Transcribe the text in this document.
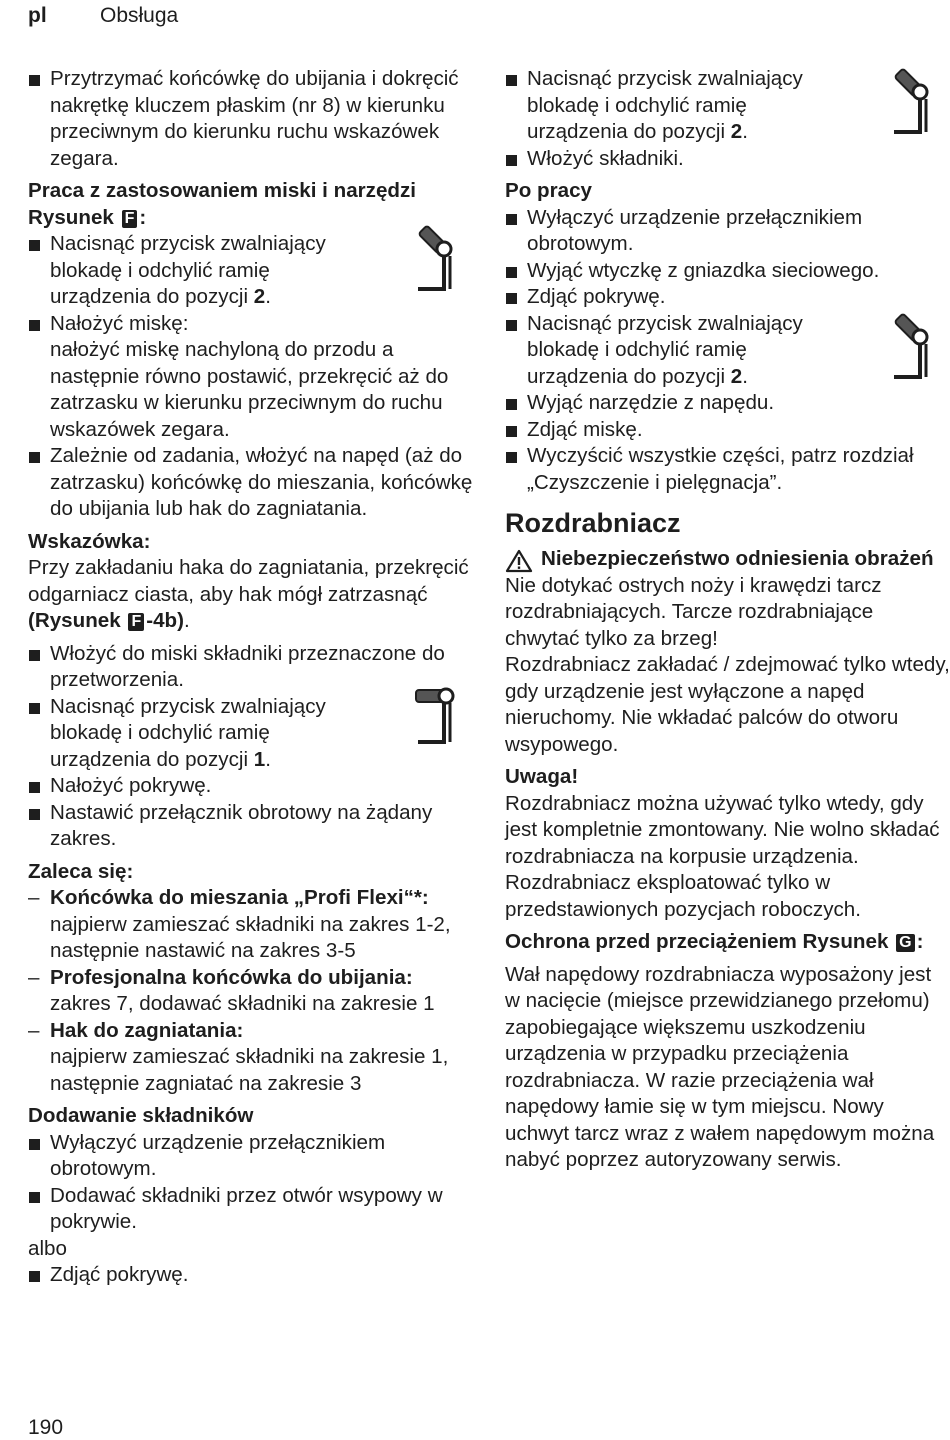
pl	Obsługa
Przytrzymać końcówkę do ubijania i dokręcić nakrętkę kluczem płaskim (nr 8) w kierunku przeciwnym do kierunku ruchu wskazówek zegara.
Praca z zastosowaniem miski i narzędzi Rysunek F :
Nacisnąć przycisk zwalniający blokadę i odchylić ramię urządzenia do pozycji 2.
Nałożyć miskę:
nałożyć miskę nachyloną do przodu a następnie równo postawić, przekręcić aż do zatrzasku w kierunku przeciwnym do ruchu wskazówek zegara.
Zależnie od zadania, włożyć na napęd (aż do zatrzasku) końcówkę do mieszania, końcówkę do ubijania lub hak do zagniatania.
Wskazówka:
Przy zakładaniu haka do zagniatania, przekręcić odgarniacz ciasta, aby hak mógł zatrzasnąć (Rysunek F -4b).
Włożyć do miski składniki przeznaczone do przetworzenia.
Nacisnąć przycisk zwalniający blokadę i odchylić ramię urządzenia do pozycji 1.
Nałożyć pokrywę.
Nastawić przełącznik obrotowy na żądany zakres.
Zaleca się:
– Końcówka do mieszania „Profi Flexi“*:
najpierw zamieszać składniki na zakres 1-2, następnie nastawić na zakres 3-5
– Profesjonalna końcówka do ubijania:
zakres 7, dodawać składniki na zakresie 1
– Hak do zagniatania:
najpierw zamieszać składniki na zakresie 1, następnie zagniatać na zakresie 3
Dodawanie składników
Wyłączyć urządzenie przełącznikiem obrotowym.
Dodawać składniki przez otwór wsypowy w pokrywie.
albo
Zdjąć pokrywę.
Nacisnąć przycisk zwalniający blokadę i odchylić ramię urządzenia do pozycji 2.
Włożyć składniki.
Po pracy
Wyłączyć urządzenie przełącznikiem obrotowym.
Wyjąć wtyczkę z gniazdka sieciowego.
Zdjąć pokrywę.
Nacisnąć przycisk zwalniający blokadę i odchylić ramię urządzenia do pozycji 2.
Wyjąć narzędzie z napędu.
Zdjąć miskę.
Wyczyścić wszystkie części, patrz rozdział „Czyszczenie i pielęgnacja”.
Rozdrabniacz
Niebezpieczeństwo odniesienia obrażeń
Nie dotykać ostrych noży i krawędzi tarcz rozdrabniających. Tarcze rozdrabniające chwytać tylko za brzeg!
Rozdrabniacz zakładać / zdejmować tylko wtedy, gdy urządzenie jest wyłączone a napęd nieruchomy. Nie wkładać palców do otworu wsypowego.
Uwaga!
Rozdrabniacz można używać tylko wtedy, gdy jest kompletnie zmontowany. Nie wolno składać rozdrabniacza na korpusie urządzenia. Rozdrabniacz eksploatować tylko w przedstawionych pozycjach roboczych.
Ochrona przed przeciążeniem Rysunek G :
Wał napędowy rozdrabniacza wyposażony jest w nacięcie (miejsce przewidzianego przełomu) zapobiegające większemu uszkodzeniu urządzenia w przypadku przeciążenia rozdrabniacza. W razie przeciążenia wał napędowy łamie się w tym miejscu. Nowy uchwyt tarcz wraz z wałem napędowym można nabyć poprzez autoryzowany serwis.
190
